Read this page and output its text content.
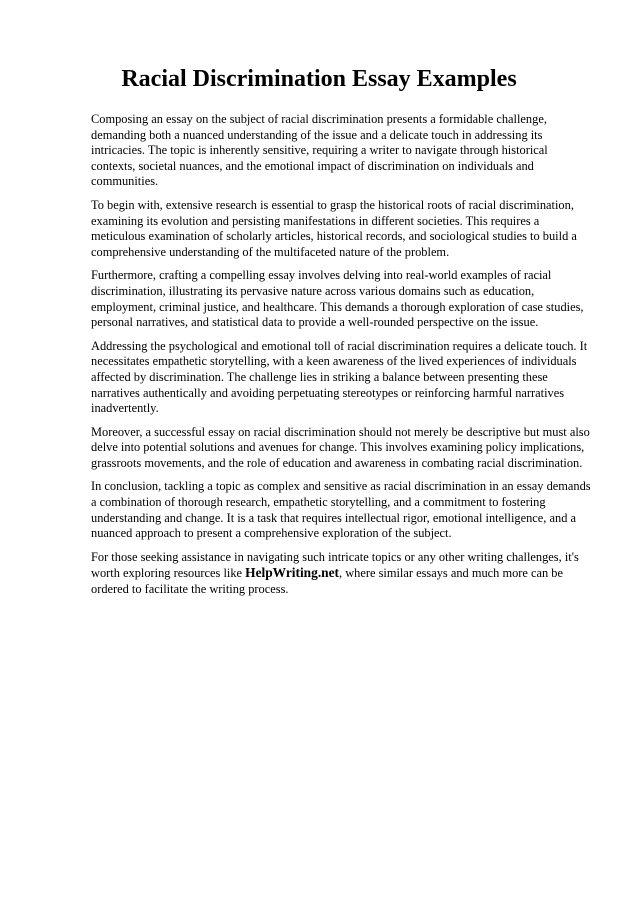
Racial Discrimination Essay Examples

Composing an essay on the subject of racial discrimination presents a formidable challenge, demanding both a nuanced understanding of the issue and a delicate touch in addressing its intricacies. The topic is inherently sensitive, requiring a writer to navigate through historical contexts, societal nuances, and the emotional impact of discrimination on individuals and communities.

To begin with, extensive research is essential to grasp the historical roots of racial discrimination, examining its evolution and persisting manifestations in different societies. This requires a meticulous examination of scholarly articles, historical records, and sociological studies to build a comprehensive understanding of the multifaceted nature of the problem.

Furthermore, crafting a compelling essay involves delving into real-world examples of racial discrimination, illustrating its pervasive nature across various domains such as education, employment, criminal justice, and healthcare. This demands a thorough exploration of case studies, personal narratives, and statistical data to provide a well-rounded perspective on the issue.

Addressing the psychological and emotional toll of racial discrimination requires a delicate touch. It necessitates empathetic storytelling, with a keen awareness of the lived experiences of individuals affected by discrimination. The challenge lies in striking a balance between presenting these narratives authentically and avoiding perpetuating stereotypes or reinforcing harmful narratives inadvertently.

Moreover, a successful essay on racial discrimination should not merely be descriptive but must also delve into potential solutions and avenues for change. This involves examining policy implications, grassroots movements, and the role of education and awareness in combating racial discrimination.

In conclusion, tackling a topic as complex and sensitive as racial discrimination in an essay demands a combination of thorough research, empathetic storytelling, and a commitment to fostering understanding and change. It is a task that requires intellectual rigor, emotional intelligence, and a nuanced approach to present a comprehensive exploration of the subject.

For those seeking assistance in navigating such intricate topics or any other writing challenges, it's worth exploring resources like HelpWriting.net, where similar essays and much more can be ordered to facilitate the writing process.
